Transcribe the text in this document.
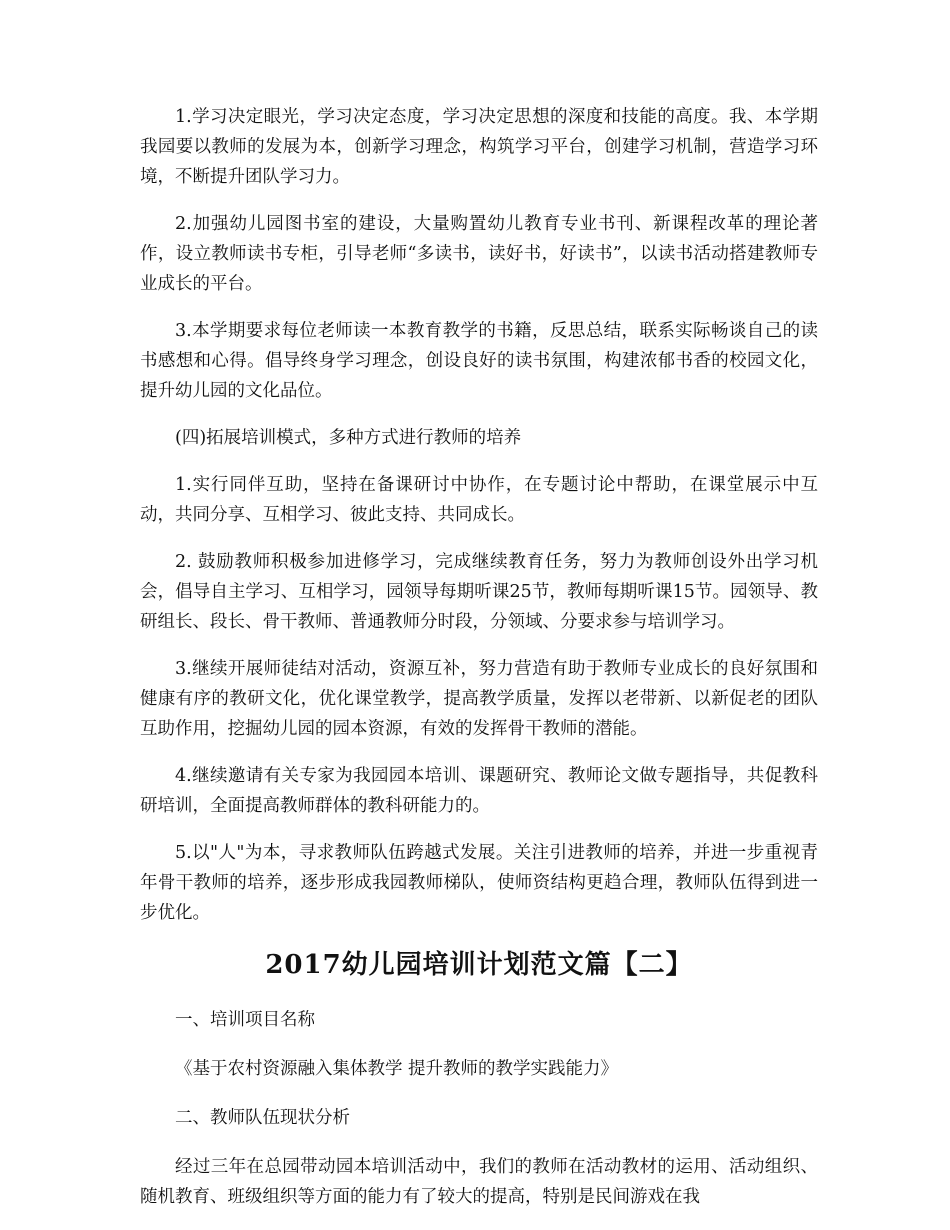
1.学习决定眼光，学习决定态度，学习决定思想的深度和技能的高度。我、本学期我园要以教师的发展为本，创新学习理念，构筑学习平台，创建学习机制，营造学习环境，不断提升团队学习力。

2.加强幼儿园图书室的建设，大量购置幼儿教育专业书刊、新课程改革的理论著作，设立教师读书专柜，引导老师“多读书，读好书，好读书”，以读书活动搭建教师专业成长的平台。

3.本学期要求每位老师读一本教育教学的书籍，反思总结，联系实际畅谈自己的读书感想和心得。倡导终身学习理念，创设良好的读书氛围，构建浓郁书香的校园文化，提升幼儿园的文化品位。

(四)拓展培训模式，多种方式进行教师的培养

1.实行同伴互助，坚持在备课研讨中协作，在专题讨论中帮助，在课堂展示中互动，共同分享、互相学习、彼此支持、共同成长。

2. 鼓励教师积极参加进修学习，完成继续教育任务，努力为教师创设外出学习机会，倡导自主学习、互相学习，园领导每期听课25节，教师每期听课15节。园领导、教研组长、段长、骨干教师、普通教师分时段，分领域、分要求参与培训学习。

3.继续开展师徒结对活动，资源互补，努力营造有助于教师专业成长的良好氛围和健康有序的教研文化，优化课堂教学，提高教学质量，发挥以老带新、以新促老的团队互助作用，挖掘幼儿园的园本资源，有效的发挥骨干教师的潜能。

4.继续邀请有关专家为我园园本培训、课题研究、教师论文做专题指导，共促教科研培训，全面提高教师群体的教科研能力的。

5.以"人"为本，寻求教师队伍跨越式发展。关注引进教师的培养，并进一步重视青年骨干教师的培养，逐步形成我园教师梯队，使师资结构更趋合理，教师队伍得到进一步优化。

2017幼儿园培训计划范文篇【二】

一、培训项目名称

《基于农村资源融入集体教学 提升教师的教学实践能力》

二、教师队伍现状分析

经过三年在总园带动园本培训活动中，我们的教师在活动教材的运用、活动组织、随机教育、班级组织等方面的能力有了较大的提高，特别是民间游戏在我
